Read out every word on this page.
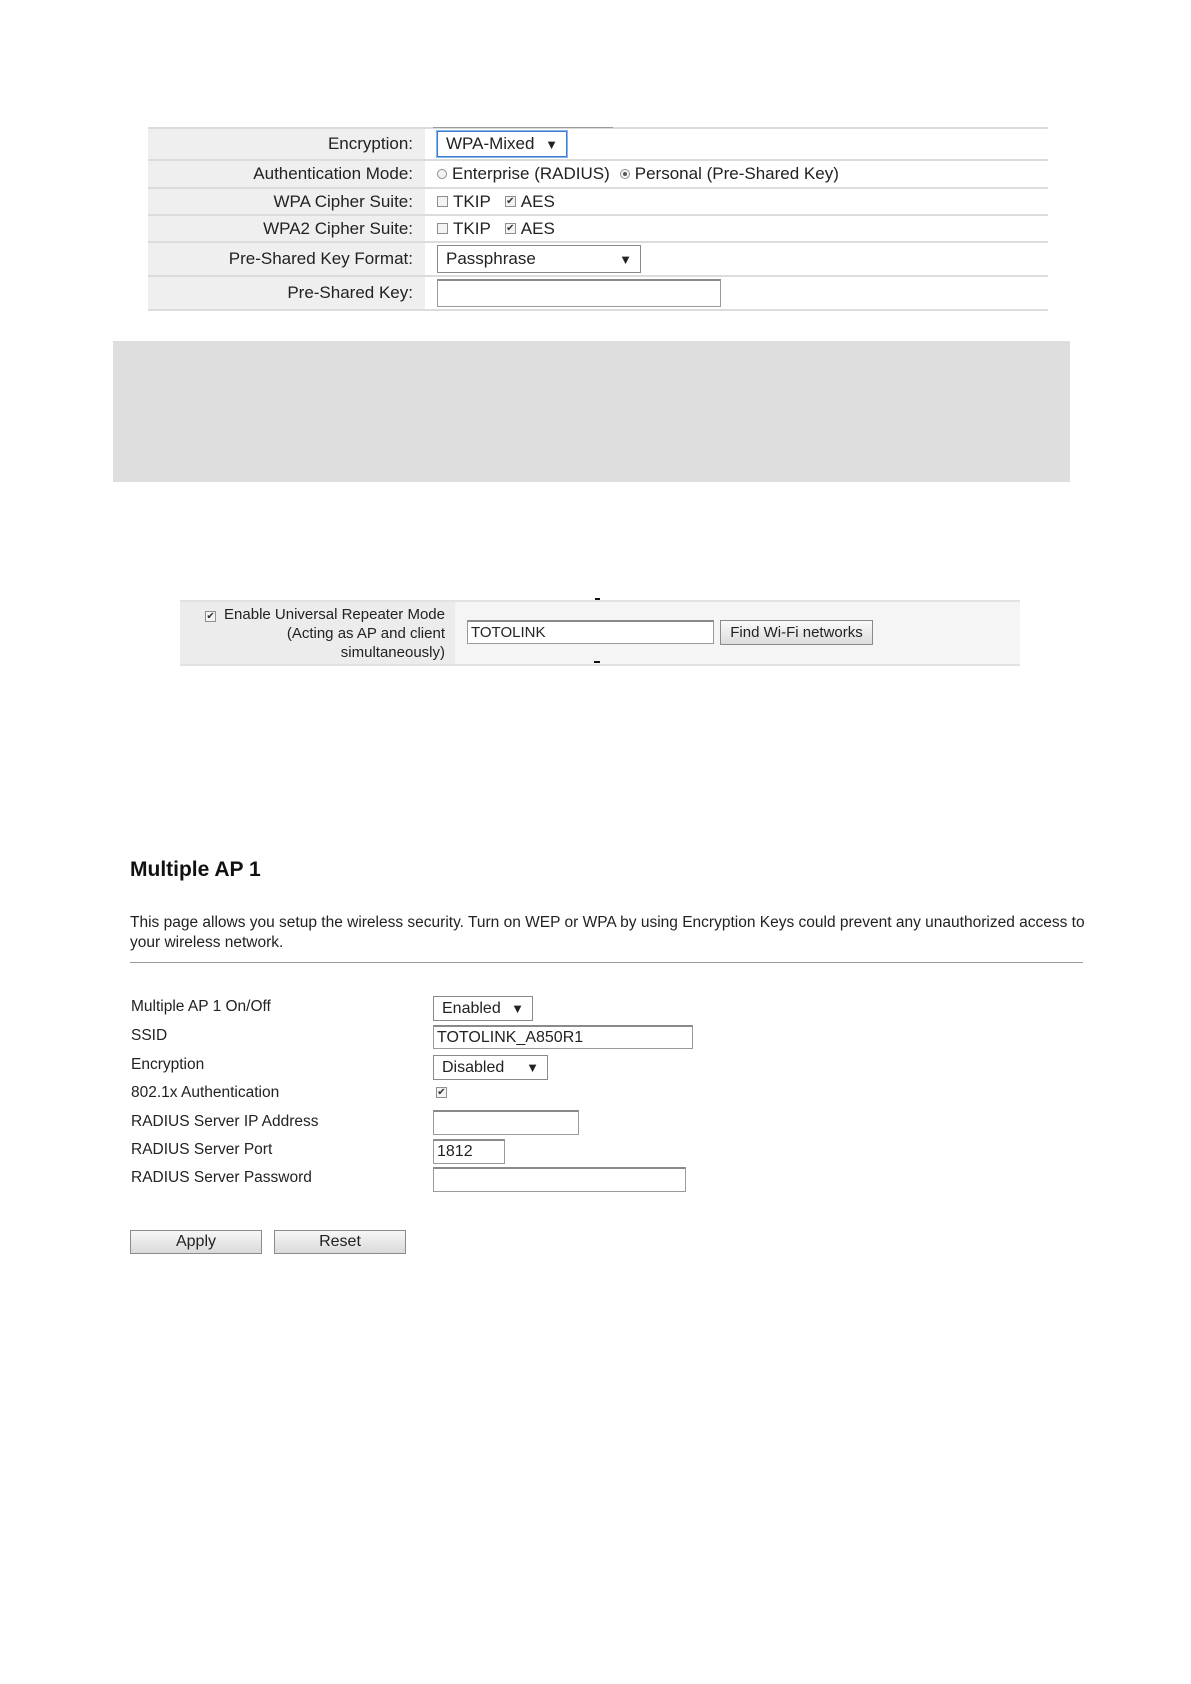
Encryption:	WPA-Mixed ▼
Authentication Mode:	Enterprise (RADIUS) Personal (Pre-Shared Key)
WPA Cipher Suite:	TKIP ✔ AES
WPA2 Cipher Suite:	TKIP ✔ AES
Pre-Shared Key Format:	Passphrase	▼
Pre-Shared Key:
✔ Enable Universal Repeater Mode (Acting as AP and client simultaneously)
TOTOLINK	Find Wi-Fi networks
Multiple AP 1
This page allows you setup the wireless security. Turn on WEP or WPA by using Encryption Keys could prevent any unauthorized access to your wireless network.
Multiple AP 1 On/Off	Enabled ▼
SSID	TOTOLINK_A850R1
Encryption	Disabled ▼
802.1x Authentication	✔
RADIUS Server IP Address
RADIUS Server Port	1812
RADIUS Server Password
Apply	Reset
